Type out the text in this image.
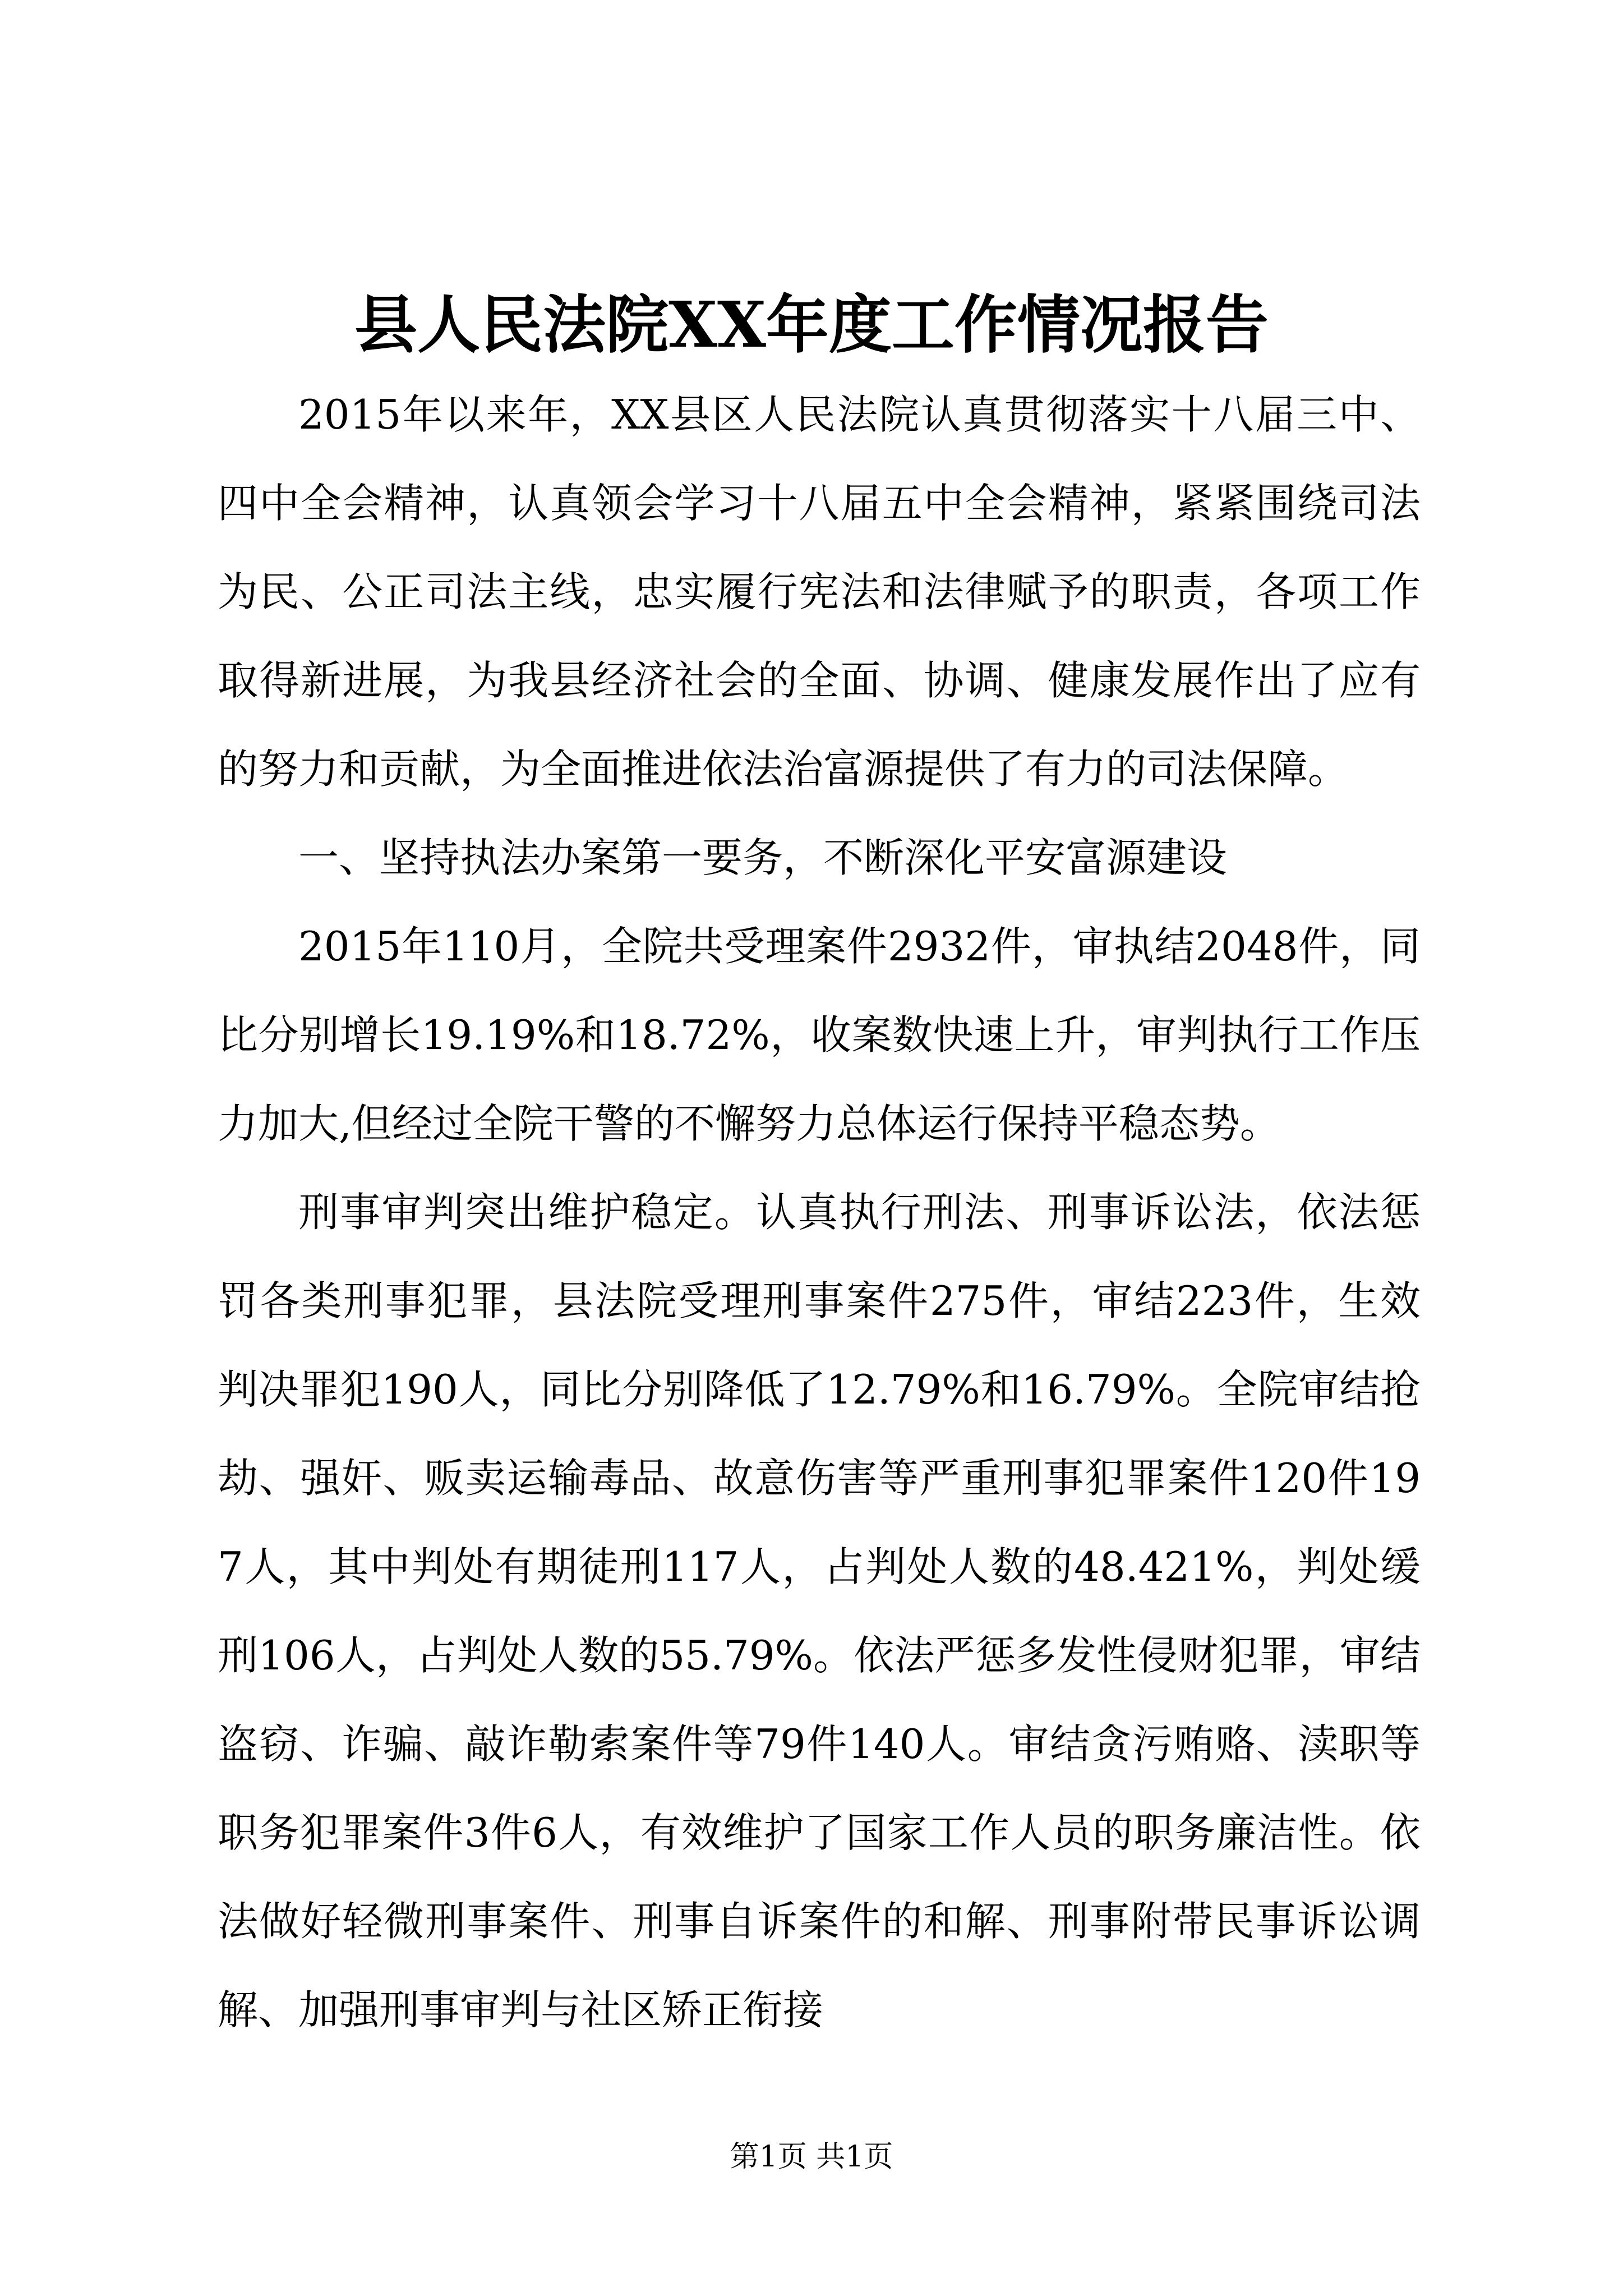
县人民法院XX年度工作情况报告

2015年以来年，XX县区人民法院认真贯彻落实十八届三中、四中全会精神，认真领会学习十八届五中全会精神，紧紧围绕司法为民、公正司法主线，忠实履行宪法和法律赋予的职责，各项工作取得新进展，为我县经济社会的全面、协调、健康发展作出了应有的努力和贡献，为全面推进依法治富源提供了有力的司法保障。

一、坚持执法办案第一要务，不断深化平安富源建设

2015年110月，全院共受理案件2932件，审执结2048件，同比分别增长19.19%和18.72%，收案数快速上升，审判执行工作压力加大,但经过全院干警的不懈努力总体运行保持平稳态势。

刑事审判突出维护稳定。认真执行刑法、刑事诉讼法，依法惩罚各类刑事犯罪，县法院受理刑事案件275件，审结223件，生效判决罪犯190人，同比分别降低了12.79%和16.79%。全院审结抢劫、强奸、贩卖运输毒品、故意伤害等严重刑事犯罪案件120件197人，其中判处有期徒刑117人，占判处人数的48.421%，判处缓刑106人，占判处人数的55.79%。依法严惩多发性侵财犯罪，审结盗窃、诈骗、敲诈勒索案件等79件140人。审结贪污贿赂、渎职等职务犯罪案件3件6人，有效维护了国家工作人员的职务廉洁性。依法做好轻微刑事案件、刑事自诉案件的和解、刑事附带民事诉讼调解、加强刑事审判与社区矫正衔接

第1页 共1页
